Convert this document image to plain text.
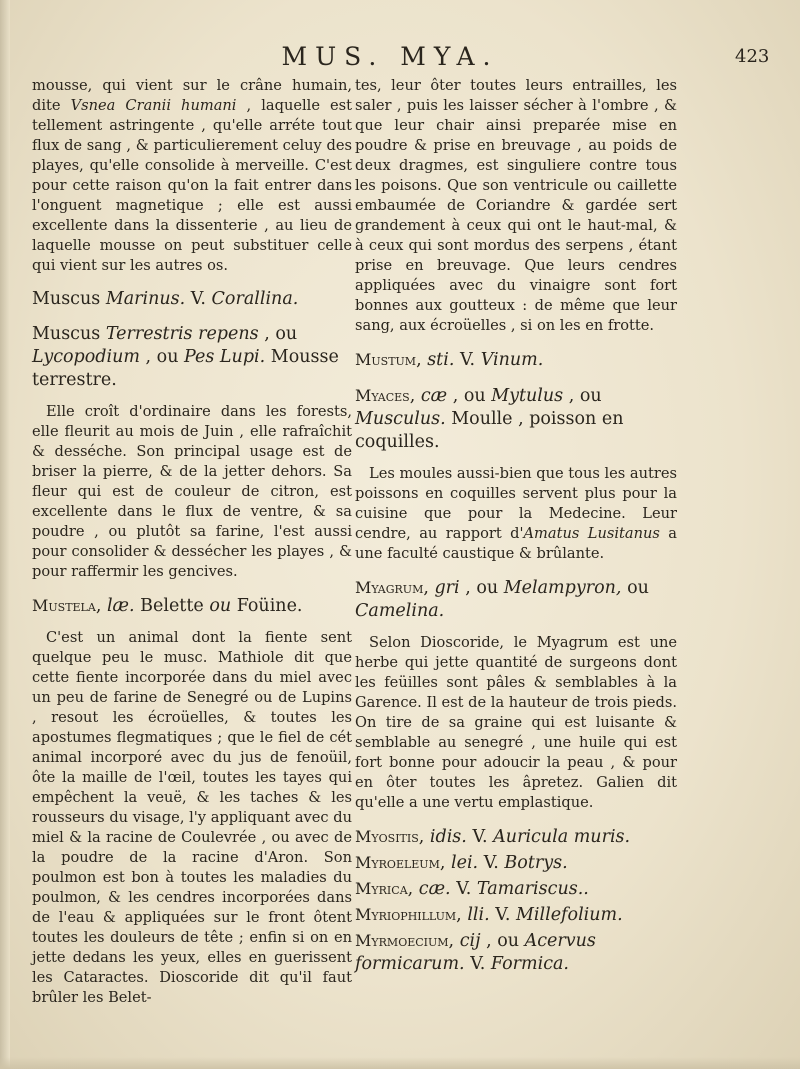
MUS. MYA.	423

mousse, qui vient sur le crâne humain, dite Vsnea Cranii humani , laquelle est tellement astringente , qu'elle arréte tout flux de sang , & particulierement celuy des playes, qu'elle consolide à merveille. C'est pour cette raison qu'on la fait entrer dans l'onguent magnetique ; elle est aussi excellente dans la dissenterie , au lieu de laquelle mousse on peut substituer celle qui vient sur les autres os.

Muscus Marinus. V. Corallina.
Muscus Terrestris repens , ou Lycopodium , ou Pes Lupi. Mousse terrestre.

Elle croît d'ordinaire dans les forests, elle fleurit au mois de Juin , elle rafraîchit & desséche. Son principal usage est de briser la pierre, & de la jetter dehors. Sa fleur qui est de couleur de citron, est excellente dans le flux de ventre, & sa poudre , ou plutôt sa farine, l'est aussi pour consolider & dessécher les playes , & pour raffermir les gencives.

Mustela, læ. Belette ou Foüine.

C'est un animal dont la fiente sent quelque peu le musc. Mathiole dit que cette fiente incorporée dans du miel avec un peu de farine de Senegré ou de Lupins , resout les écroüelles, & toutes les apostumes flegmatiques ; que le fiel de cét animal incorporé avec du jus de fenoüil, ôte la maille de l'œil, toutes les tayes qui empêchent la veuë, & les taches & les rousseurs du visage, l'y appliquant avec du miel & la racine de Coulevrée , ou avec de la poudre de la racine d'Aron. Son poulmon est bon à toutes les maladies du poulmon, & les cendres incorporées dans de l'eau & appliquées sur le front ôtent toutes les douleurs de tête ; enfin si on en jette dedans les yeux, elles en guerissent les Cataractes. Dioscoride dit qu'il faut brûler les Belet-

tes, leur ôter toutes leurs entrailles, les saler , puis les laisser sécher à l'ombre , & que leur chair ainsi preparée mise en poudre & prise en breuvage , au poids de deux dragmes, est singuliere contre tous les poisons. Que son ventricule ou caillette embaumée de Coriandre & gardée sert grandement à ceux qui ont le haut-mal, & à ceux qui sont mordus des serpens , étant prise en breuvage. Que leurs cendres appliquées avec du vinaigre sont fort bonnes aux goutteux : de même que leur sang, aux écroüelles , si on les en frotte.

Mustum, sti. V. Vinum.
Myaces, cæ , ou Mytulus , ou Musculus. Moulle , poisson en coquilles.

Les moules aussi-bien que tous les autres poissons en coquilles servent plus pour la cuisine que pour la Medecine. Leur cendre, au rapport d'Amatus Lusitanus a une faculté caustique & brûlante.

Myagrum, gri , ou Melampyron, ou Camelina.

Selon Dioscoride, le Myagrum est une herbe qui jette quantité de surgeons dont les feüilles sont pâles & semblables à la Garence. Il est de la hauteur de trois pieds. On tire de sa graine qui est luisante & semblable au senegré , une huile qui est fort bonne pour adoucir la peau , & pour en ôter toutes les âpretez. Galien dit qu'elle a une vertu emplastique.

Myositis, idis. V. Auricula muris.
Myroeleum, lei. V. Botrys.
Myrica, cæ. V. Tamariscus..
Myriophillum, lli. V. Millefolium.
Myrmoecium, cij , ou Acervus formicarum. V. Formica.
